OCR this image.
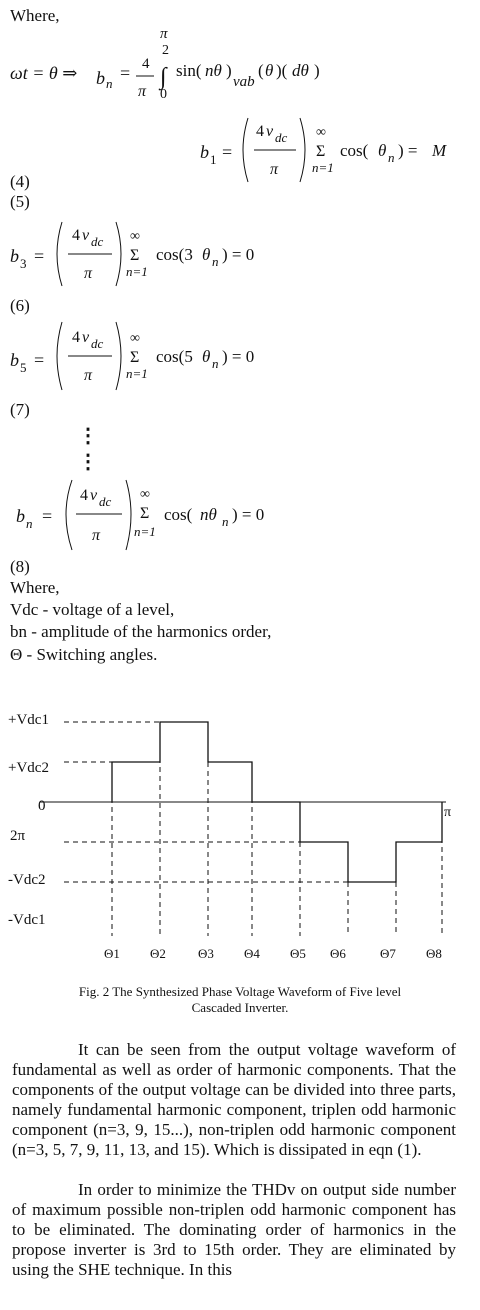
Where,
ωt = θ ⇒ b n
= 4
π
π
2
∫
0
sin( nθ )
vab
( θ )( dθ )
b 1 =
4 v dc
π
∞
Σ
n=1
cos( θ n ) = M
(4)
(5)
b 3 =
4 v dc
π
∞
Σ
n=1
cos(3 θ n ) = 0
(6)
b 5 =
4 v dc
π
∞
Σ
n=1
cos(5 θ n ) = 0
(7)
⋮
⋮
b n =
4 v dc
π
∞
Σ
n=1
cos( nθ n ) = 0
(8)
Where,
Vdc - voltage of a level,
bn - amplitude of the harmonics order,
Θ - Switching angles.
+Vdc1
+Vdc2
0
2π
-Vdc2
-Vdc1
π
Θ1 Θ2 Θ3 Θ4 Θ5 Θ6	Θ7 Θ8
Fig. 2 The Synthesized Phase Voltage Waveform of Five level
Cascaded Inverter.
It can be seen from the output voltage waveform of fundamental as well as order of harmonic components. That the components of the output voltage can be divided into three parts, namely fundamental harmonic component, triplen odd harmonic component (n=3, 9, 15...), non-triplen odd harmonic component (n=3, 5, 7, 9, 11, 13, and 15). Which is dissipated in eqn (1).
In order to minimize the THDv on output side number of maximum possible non-triplen odd harmonic component has to be eliminated. The dominating order of harmonics in the propose inverter is 3rd to 15th order. They are eliminated by using the SHE technique. In this
